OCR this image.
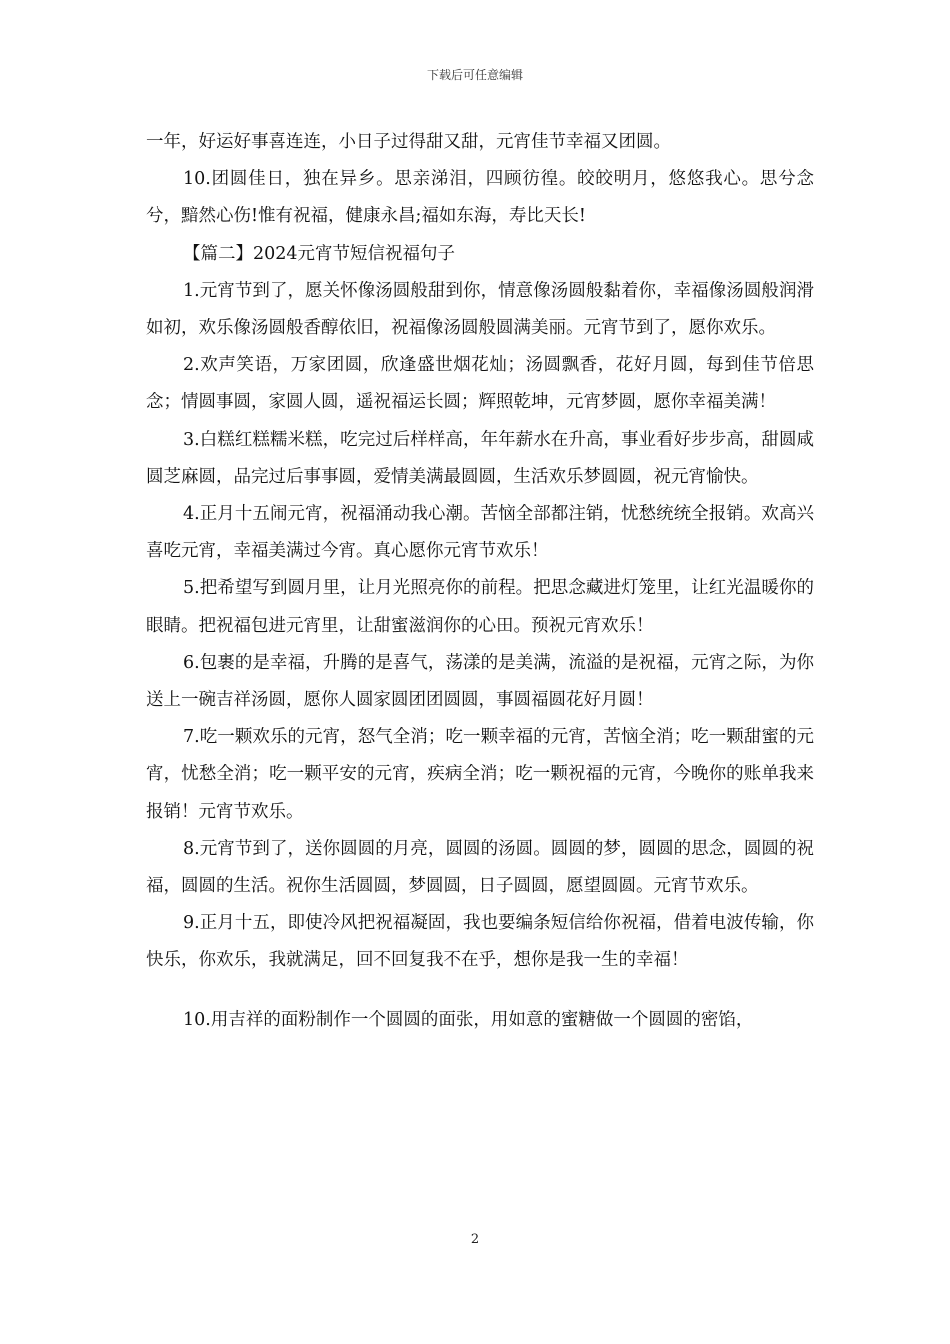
下载后可任意编辑

一年，好运好事喜连连，小日子过得甜又甜，元宵佳节幸福又团圆。

10.团圆佳日，独在异乡。思亲涕泪，四顾彷徨。皎皎明月，悠悠我心。思兮念兮，黯然心伤!惟有祝福，健康永昌;福如东海，寿比天长!

【篇二】2024元宵节短信祝福句子

1.元宵节到了，愿关怀像汤圆般甜到你，情意像汤圆般黏着你，幸福像汤圆般润滑如初，欢乐像汤圆般香醇依旧，祝福像汤圆般圆满美丽。元宵节到了，愿你欢乐。

2.欢声笑语，万家团圆，欣逢盛世烟花灿；汤圆飘香，花好月圆，每到佳节倍思念；情圆事圆，家圆人圆，遥祝福运长圆；辉照乾坤，元宵梦圆，愿你幸福美满！

3.白糕红糕糯米糕，吃完过后样样高，年年薪水在升高，事业看好步步高，甜圆咸圆芝麻圆，品完过后事事圆，爱情美满最圆圆，生活欢乐梦圆圆，祝元宵愉快。

4.正月十五闹元宵，祝福涌动我心潮。苦恼全部都注销，忧愁统统全报销。欢高兴喜吃元宵，幸福美满过今宵。真心愿你元宵节欢乐！

5.把希望写到圆月里，让月光照亮你的前程。把思念藏进灯笼里，让红光温暖你的眼睛。把祝福包进元宵里，让甜蜜滋润你的心田。预祝元宵欢乐！

6.包裹的是幸福，升腾的是喜气，荡漾的是美满，流溢的是祝福，元宵之际，为你送上一碗吉祥汤圆，愿你人圆家圆团团圆圆，事圆福圆花好月圆！

7.吃一颗欢乐的元宵，怒气全消；吃一颗幸福的元宵，苦恼全消；吃一颗甜蜜的元宵，忧愁全消；吃一颗平安的元宵，疾病全消；吃一颗祝福的元宵，今晚你的账单我来报销！元宵节欢乐。

8.元宵节到了，送你圆圆的月亮，圆圆的汤圆。圆圆的梦，圆圆的思念，圆圆的祝福，圆圆的生活。祝你生活圆圆，梦圆圆，日子圆圆，愿望圆圆。元宵节欢乐。

9.正月十五，即使冷风把祝福凝固，我也要编条短信给你祝福，借着电波传输，你快乐，你欢乐，我就满足，回不回复我不在乎，想你是我一生的幸福！

10.用吉祥的面粉制作一个圆圆的面张，用如意的蜜糖做一个圆圆的密馅，

2
